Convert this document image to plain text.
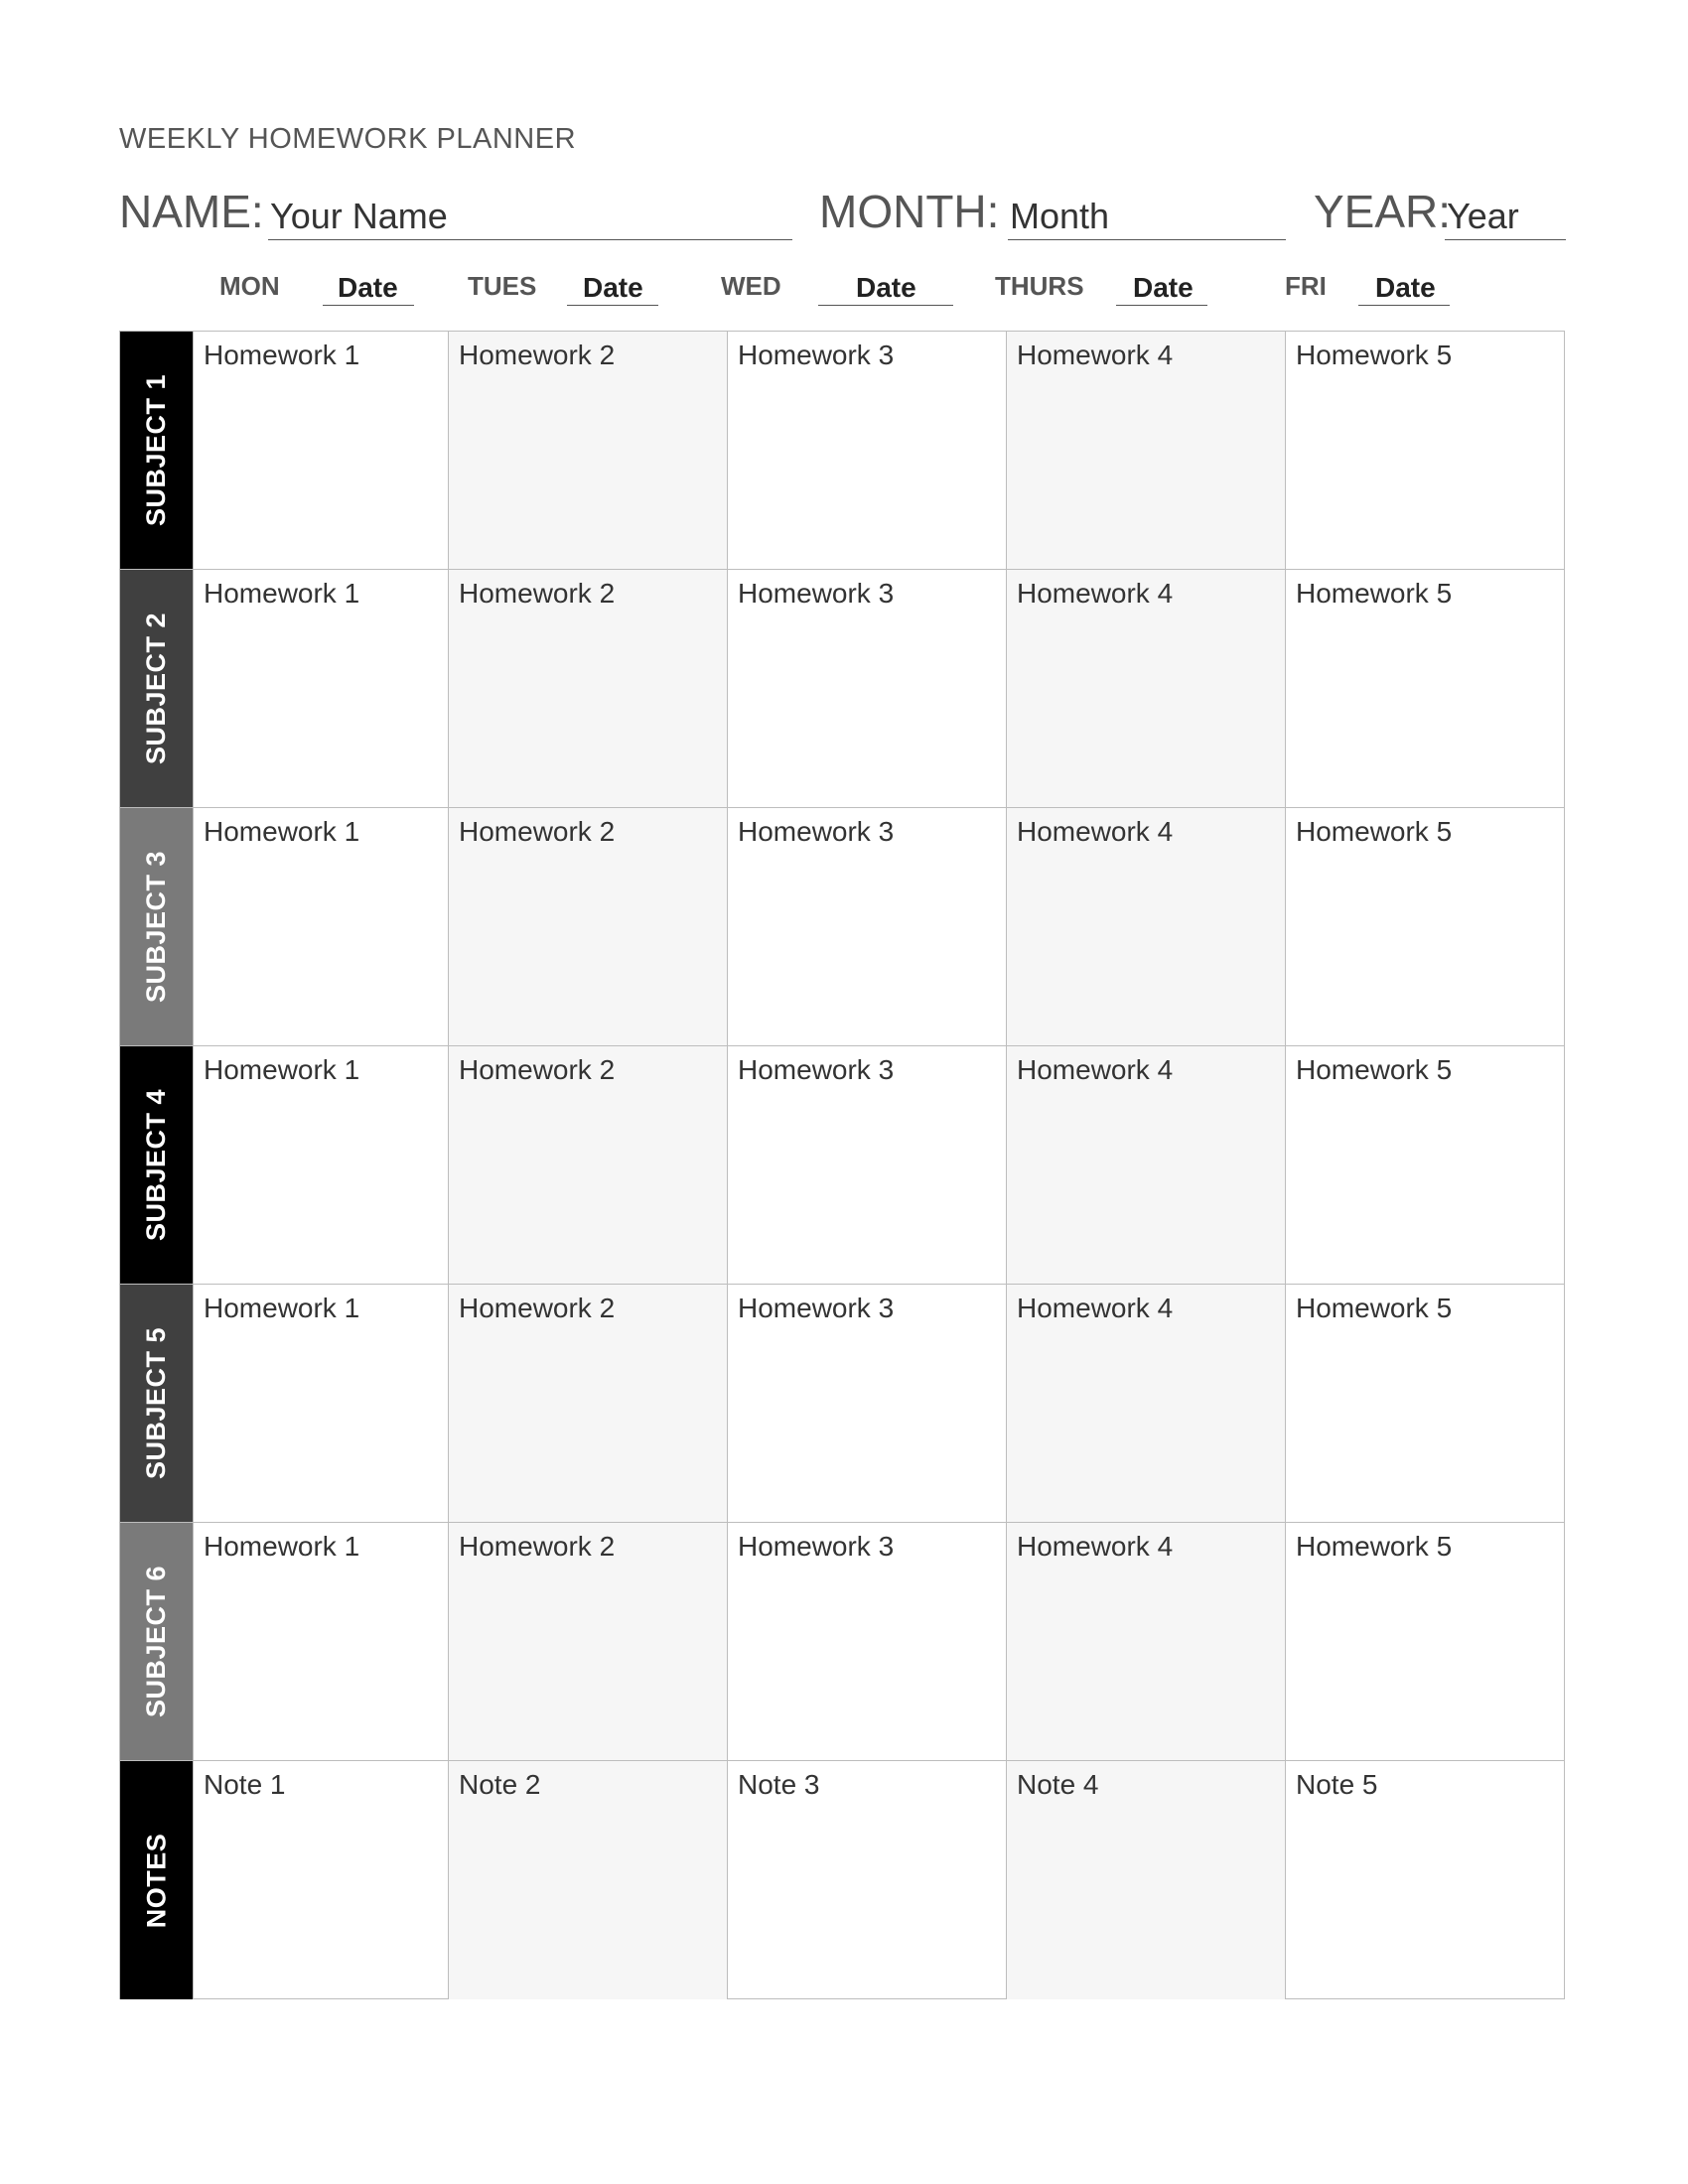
WEEKLY HOMEWORK PLANNER
NAME: Your Name	MONTH: Month	YEAR:
Year
MON Date	TUES Date	WED	Date	THURS Date	FRI Date
SUBJECT 1
Homework 1	Homework 2	Homework 3	Homework 4	Homework 5
SUBJECT 2
Homework 1	Homework 2	Homework 3	Homework 4	Homework 5
SUBJECT 3
Homework 1	Homework 2	Homework 3	Homework 4	Homework 5
SUBJECT 4
Homework 1	Homework 2	Homework 3	Homework 4	Homework 5
SUBJECT 5
Homework 1	Homework 2	Homework 3	Homework 4	Homework 5
SUBJECT 6
Homework 1	Homework 2	Homework 3	Homework 4	Homework 5
NOTES
Note 1	Note 2	Note 3	Note 4	Note 5
